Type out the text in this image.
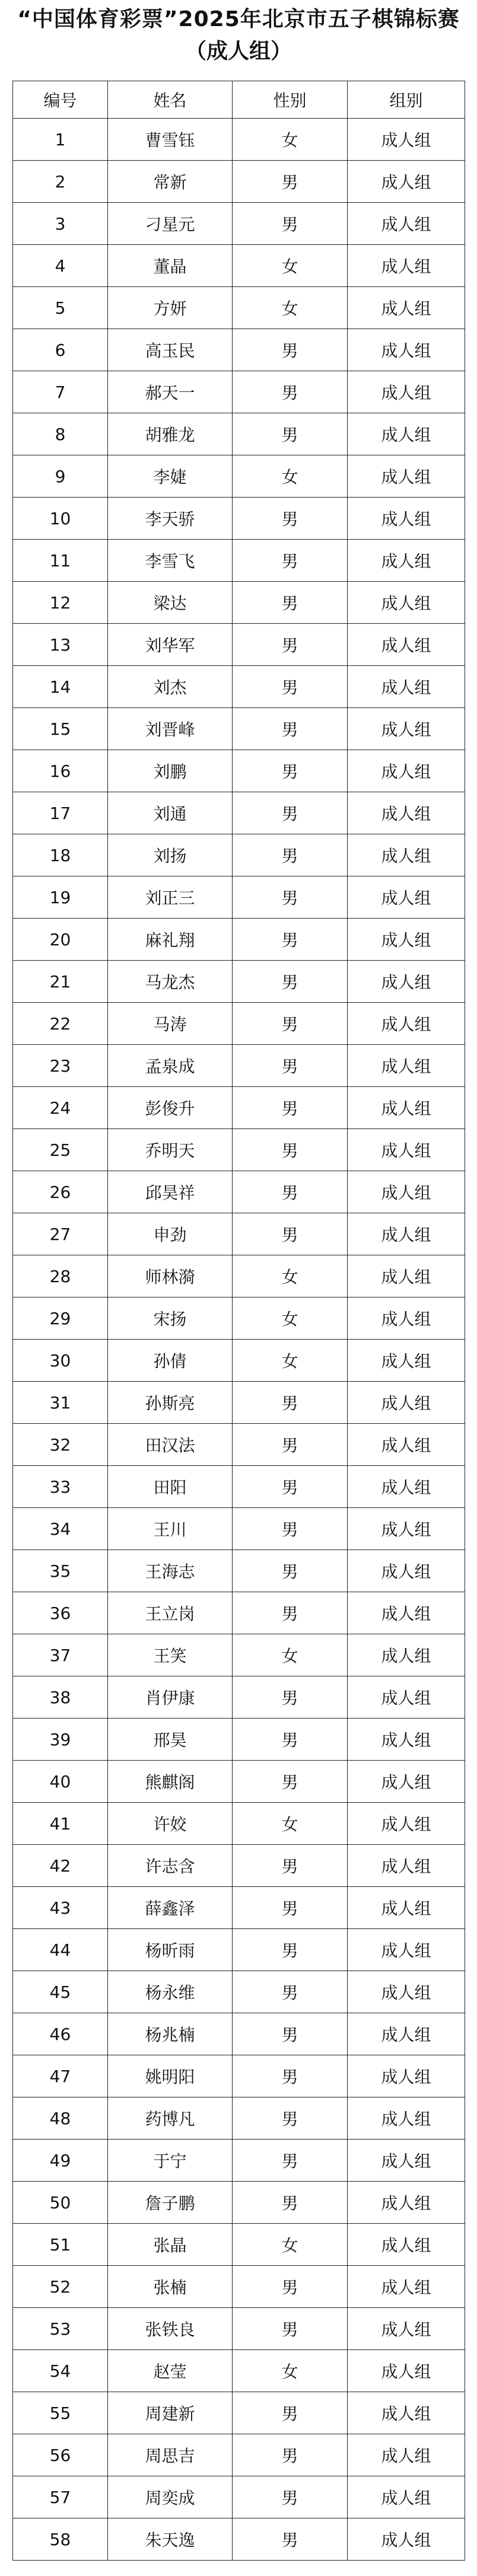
“中国体育彩票”2025年北京市五子棋锦标赛
（成人组）
编号	姓名	性别	组别
1	曹雪钰	女	成人组
2	常新	男	成人组
3	刁星元	男	成人组
4	董晶	女	成人组
5	方妍	女	成人组
6	高玉民	男	成人组
7	郝天一	男	成人组
8	胡雅龙	男	成人组
9	李婕	女	成人组
10	李天骄	男	成人组
11	李雪飞	男	成人组
12	梁达	男	成人组
13	刘华军	男	成人组
14	刘杰	男	成人组
15	刘晋峰	男	成人组
16	刘鹏	男	成人组
17	刘通	男	成人组
18	刘扬	男	成人组
19	刘正三	男	成人组
20	麻礼翔	男	成人组
21	马龙杰	男	成人组
22	马涛	男	成人组
23	孟泉成	男	成人组
24	彭俊升	男	成人组
25	乔明天	男	成人组
26	邱昊祥	男	成人组
27	申劲	男	成人组
28	师林漪	女	成人组
29	宋扬	女	成人组
30	孙倩	女	成人组
31	孙斯亮	男	成人组
32	田汉法	男	成人组
33	田阳	男	成人组
34	王川	男	成人组
35	王海志	男	成人组
36	王立岗	男	成人组
37	王笑	女	成人组
38	肖伊康	男	成人组
39	邢昊	男	成人组
40	熊麒阁	男	成人组
41	许姣	女	成人组
42	许志含	男	成人组
43	薛鑫泽	男	成人组
44	杨昕雨	男	成人组
45	杨永维	男	成人组
46	杨兆楠	男	成人组
47	姚明阳	男	成人组
48	药博凡	男	成人组
49	于宁	男	成人组
50	詹子鹏	男	成人组
51	张晶	女	成人组
52	张楠	男	成人组
53	张铁良	男	成人组
54	赵莹	女	成人组
55	周建新	男	成人组
56	周思吉	男	成人组
57	周奕成	男	成人组
58	朱天逸	男	成人组
